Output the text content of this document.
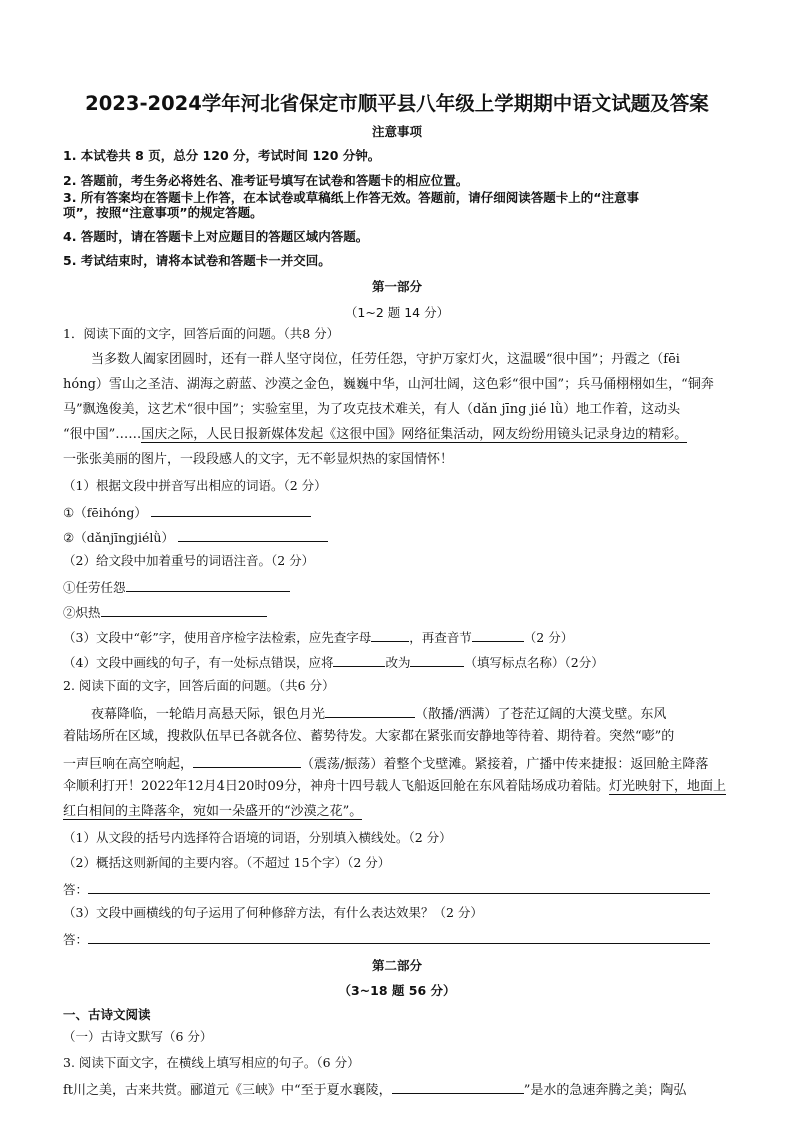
2023-2024学年河北省保定市顺平县八年级上学期期中语文试题及答案
注意事项
1. 本试卷共 8 页，总分 120 分，考试时间 120 分钟。
2. 答题前，考生务必将姓名、准考证号填写在试卷和答题卡的相应位置。
3. 所有答案均在答题卡上作答，在本试卷或草稿纸上作答无效。答题前，请仔细阅读答题卡上的“注意事
项”，按照“注意事项”的规定答题。
4. 答题时，请在答题卡上对应题目的答题区域内答题。
5. 考试结束时，请将本试卷和答题卡一并交回。
第一部分
（1~2 题 14 分）
1．阅读下面的文字，回答后面的问题。（共8 分）
当多数人阖家团圆时，还有一群人坚守岗位，任劳任怨，守护万家灯火，这温暖“很中国”；丹霞之（fēi
hóng）雪山之圣洁、湖海之蔚蓝、沙漠之金色，巍巍中华，山河壮阔，这色彩“很中国”；兵马俑栩栩如生，“铜奔
马”飘逸俊美，这艺术“很中国”；实验室里，为了攻克技术难关，有人（dǎn jīng jié lǜ）地工作着，这动头
“很中国”……国庆之际，人民日报新媒体发起《这很中国》网络征集活动，网友纷纷用镜头记录身边的精彩。
一张张美丽的图片，一段段感人的文字，无不彰显炽热的家国情怀！
（1）根据文段中拼音写出相应的词语。（2 分）
①（fēihóng）
②（dǎnjīngjiélǜ）
（2）给文段中加着重号的词语注音。（2 分）
①任劳任怨
②炽热
（3）文段中“彰”字，使用音序检字法检索，应先查字母	，再查音节	（2 分）
（4）文段中画线的句子，有一处标点错误，应将	改为	（填写标点名称）（2分）
2. 阅读下面的文字，回答后面的问题。（共6 分）
夜幕降临，一轮皓月高悬天际，银色月光	（散播/洒满）了苍茫辽阔的大漠戈壁。东风
着陆场所在区域，搜救队伍早已各就各位、蓄势待发。大家都在紧张而安静地等待着、期待着。突然“嘭”的
一声巨响在高空响起，	（震荡/振荡）着整个戈壁滩。紧接着，广播中传来捷报：返回舱主降落
伞顺利打开！2022年12月4日20时09分，神舟十四号载人飞船返回舱在东风着陆场成功着陆。灯光映射下，地面上
红白相间的主降落伞，宛如一朵盛开的“沙漠之花”。
（1）从文段的括号内选择符合语境的词语，分别填入横线处。（2 分）
（2）概括这则新闻的主要内容。（不超过 15个字）（2 分）
答：
（3）文段中画横线的句子运用了何种修辞方法，有什么表达效果？（2 分）
答：
第二部分
（3~18 题 56 分）
一、古诗文阅读
（一）古诗文默写（6 分）
3. 阅读下面文字，在横线上填写相应的句子。（6 分）
ft川之美，古来共赏。郦道元《三峡》中“至于夏水襄陵，	”是水的急速奔腾之美；陶弘
